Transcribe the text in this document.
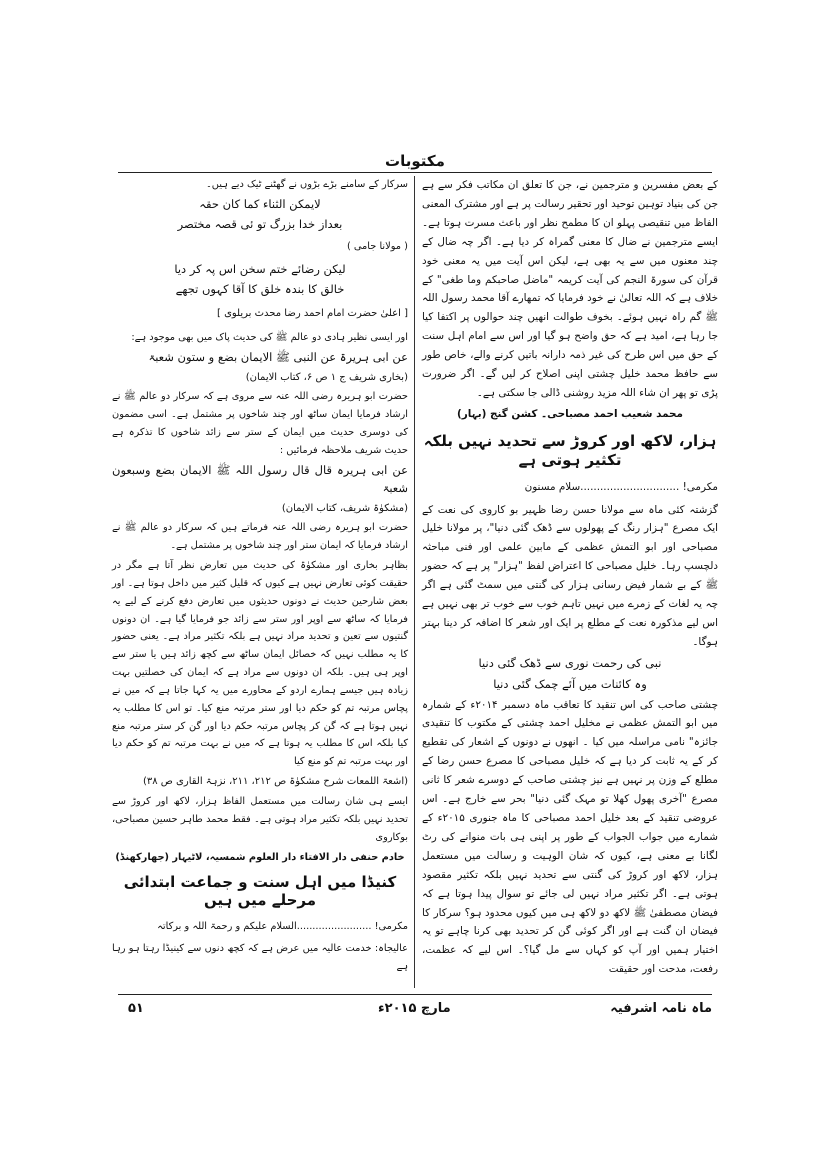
مکتوبات

کے بعض مفسرین و مترجمین نے، جن کا تعلق ان مکاتب فکر سے ہے جن کی بنیاد توہین توحید اور تحقیر رسالت پر ہے اور مشترک المعنی الفاظ میں تنقیصی پہلو ان کا مطمح نظر اور باعث مسرت ہوتا ہے۔ ایسے مترجمین نے ضال کا معنی گمراہ کر دیا ہے۔ اگر چہ ضال کے چند معنوں میں سے یہ بھی ہے، لیکن اس آیت میں یہ معنی خود قرآن کی سورۃ النجم کی آیت کریمہ "ماضل صاحبکم وما طغی" کے خلاف ہے کہ اللہ تعالیٰ نے خود فرمایا کہ تمھارے آقا محمد رسول اللہ ﷺ گم راہ نہیں ہوئے۔ بخوف طوالت انھیں چند حوالوں پر اکتفا کیا جا رہا ہے، امید ہے کہ حق واضح ہو گیا اور اس سے امام اہل سنت کے حق میں اس طرح کی غیر ذمہ دارانہ باتیں کرنے والے، خاص طور سے حافظ محمد خلیل چشتی اپنی اصلاح کر لیں گے۔ اگر ضرورت پڑی تو پھر ان شاء اللہ مزید روشنی ڈالی جا سکتی ہے۔

محمد شعیب احمد مصباحی۔ کشن گنج (بہار)

ہزار، لاکھ اور کروڑ سے تحدید نہیں بلکہ تکثیر ہوتی ہے

مکرمی! ..............................سلام مسنون

گزشتہ کئی ماہ سے مولانا حسن رضا ظہیر بو کاروی کی نعت کے ایک مصرع "ہزار رنگ کے پھولوں سے ڈھک گئی دنیا"، پر مولانا خلیل مصباحی اور ابو التمش عظمی کے مابین علمی اور فنی مباحثہ دلچسپ رہا۔ خلیل مصباحی کا اعتراض لفظ "ہزار" پر ہے کہ حضور ﷺ کے بے شمار فیض رسانی ہزار کی گنتی میں سمٹ گئی ہے اگر چہ یہ لغات کے زمرے میں نہیں تاہم خوب سے خوب تر بھی نہیں ہے اس لیے مذکورہ نعت کے مطلع پر ایک اور شعر کا اضافہ کر دینا بہتر ہوگا۔

نبی کی رحمت نوری سے ڈھک گئی دنیا

وہ کائنات میں آئے چمک گئی دنیا

چشتی صاحب کی اس تنقید کا تعاقب ماہ دسمبر ۲۰۱۴ء کے شمارہ میں ابو التمش عظمی نے مخلیل احمد چشتی کے مکتوب کا تنقیدی جائزہ" نامی مراسلہ میں کیا ۔ انھوں نے دونوں کے اشعار کی تقطیع کر کے یہ ثابت کر دیا ہے کہ خلیل مصباحی کا مصرع حسن رضا کے مطلع کے وزن پر نہیں ہے نیز چشتی صاحب کے دوسرے شعر کا ثانی مصرع "آخری پھول کھلا تو مہک گئی دنیا" بحر سے خارج ہے۔ اس عروضی تنقید کے بعد خلیل احمد مصباحی کا ماہ جنوری ۲۰۱۵ء کے شمارے میں جواب الجواب کے طور پر اپنی ہی بات منوانے کی رٹ لگانا بے معنی ہے، کیوں کہ شان الوہیت و رسالت میں مستعمل ہزار، لاکھ اور کروڑ کی گنتی سے تحدید نہیں بلکہ تکثیر مقصود ہوتی ہے۔ اگر تکثیر مراد نہیں لی جائے تو سوال پیدا ہوتا ہے کہ فیضان مصطفیٰ ﷺ لاکھ دو لاکھ ہی میں کیوں محدود ہو؟ سرکار کا فیضان ان گنت ہے اور اگر کوئی گن کر تحدید بھی کرنا چاہے تو یہ اختیار ہمیں اور آپ کو کہاں سے مل گیا؟۔ اس لیے کہ عظمت، رفعت، مدحت اور حقیقت

سرکار کے سامنے بڑے بڑوں نے گھٹنے ٹیک دیے ہیں۔

لایمکن الثناء کما کان حقہ

بعداز خدا بزرگ تو ئی قصہ مختصر

( مولانا جامی )

لیکن رضائے ختم سخن اس پہ کر دیا

خالق کا بندہ خلق کا آقا کہوں تجھے

[ اعلیٰ حضرت امام احمد رضا محدث بریلوی ]

اور ایسی نظیر ہادی دو عالم ﷺ کی حدیث پاک میں بھی موجود ہے:

عن ابی ہریرۃ عن النبی ﷺ الایمان بضع و ستون شعبۃ

(بخاری شریف ج ۱ ص ۶، کتاب الایمان)

حضرت ابو ہریرہ رضی اللہ عنہ سے مروی ہے کہ سرکار دو عالم ﷺ نے ارشاد فرمایا ایمان ساٹھ اور چند شاخوں پر مشتمل ہے۔ اسی مضمون کی دوسری حدیث میں ایمان کے ستر سے زائد شاخوں کا تذکرہ ہے حدیث شریف ملاحظہ فرمائیں :

عن ابی ہریرہ قال قال رسول اللہ ﷺ الایمان بضع وسبعون شعبۃ

(مشکوٰۃ شریف، کتاب الایمان)

حضرت ابو ہریرہ رضی اللہ عنہ فرماتے ہیں کہ سرکار دو عالم ﷺ نے ارشاد فرمایا کہ ایمان ستر اور چند شاخوں پر مشتمل ہے۔

بظاہر بخاری اور مشکوٰۃ کی حدیث میں تعارض نظر آتا ہے مگر در حقیقت کوئی تعارض نہیں ہے کیوں کہ قلیل کثیر میں داخل ہوتا ہے۔ اور بعض شارحین حدیث نے دونوں حدیثوں میں تعارض دفع کرنے کے لیے یہ فرمایا کہ ساٹھ سے اوپر اور ستر سے زائد جو فرمایا گیا ہے۔ ان دونوں گنتیوں سے تعین و تحدید مراد نہیں ہے بلکہ تکثیر مراد ہے۔ یعنی حضور کا یہ مطلب نہیں کہ خصائل ایمان ساٹھ سے کچھ زائد ہیں یا ستر سے اوپر ہی ہیں۔ بلکہ ان دونوں سے مراد ہے کہ ایمان کی خصلتیں بہت زیادہ ہیں جیسے ہمارے اردو کے محاورے میں یہ کہا جاتا ہے کہ میں نے پچاس مرتبہ تم کو حکم دیا اور ستر مرتبہ منع کیا۔ تو اس کا مطلب یہ نہیں ہوتا ہے کہ گن کر پچاس مرتبہ حکم دیا اور گن کر ستر مرتبہ منع کیا بلکہ اس کا مطلب یہ ہوتا ہے کہ میں نے بہت مرتبہ تم کو حکم دیا اور بہت مرتبہ تم کو منع کیا

(اشعۃ اللمعات شرح مشکوٰۃ ص ۲۱۲، ۲۱۱، نزہۃ القاری ص ۳۸)

ایسے ہی شان رسالت میں مستعمل الفاظ ہزار، لاکھ اور کروڑ سے تحدید نہیں بلکہ تکثیر مراد ہوتی ہے۔ فقط محمد طاہر حسین مصباحی، بوکاروی

خادم حنفی دار الافتاء دار العلوم شمسیہ، لاٹیہار (جھارکھنڈ)

کنیڈا میں اہل سنت و جماعت ابتدائی مرحلے میں ہیں

مکرمی! ........................السلام علیکم و رحمۃ اللہ و برکاتہ

عالیجاہ: خدمت عالیہ میں عرض ہے کہ کچھ دنوں سے کینیڈا رہتا ہو رہا ہے

ماہ نامہ اشرفیہ
مارچ ۲۰۱۵ء
۵۱
